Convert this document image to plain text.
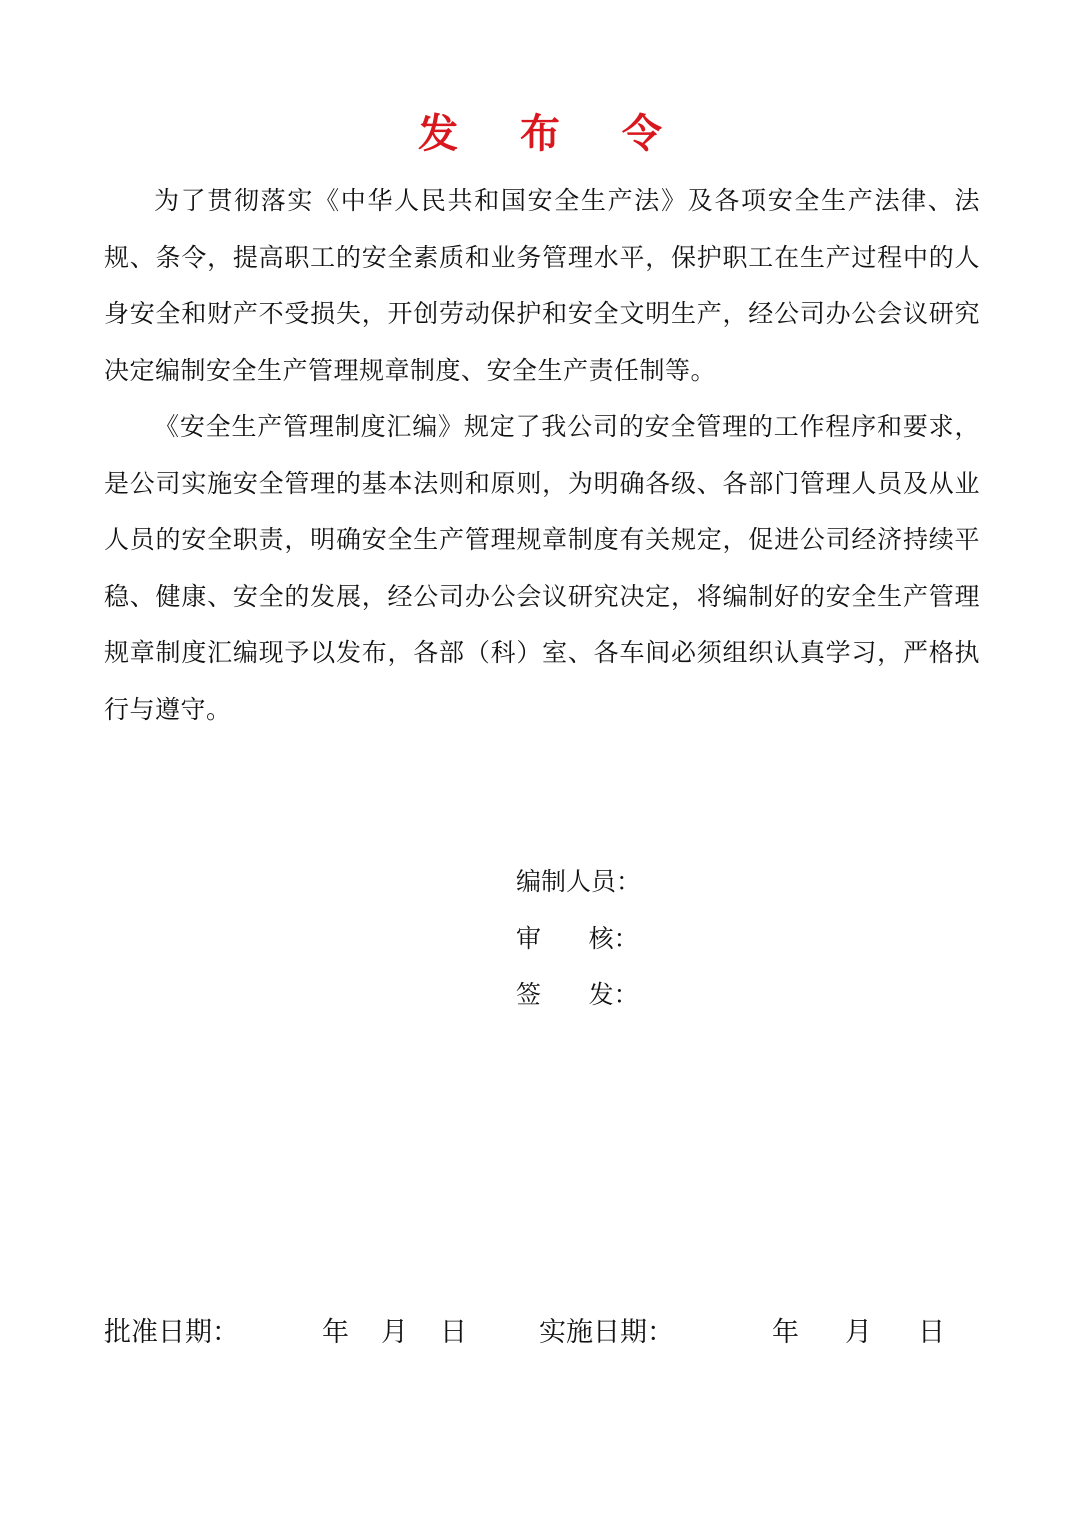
发 布 令

为了贯彻落实《中华人民共和国安全生产法》及各项安全生产法律、法规、条令，提高职工的安全素质和业务管理水平，保护职工在生产过程中的人身安全和财产不受损失，开创劳动保护和安全文明生产，经公司办公会议研究决定编制安全生产管理规章制度、安全生产责任制等。

《安全生产管理制度汇编》规定了我公司的安全管理的工作程序和要求，是公司实施安全管理的基本法则和原则，为明确各级、各部门管理人员及从业人员的安全职责，明确安全生产管理规章制度有关规定，促进公司经济持续平稳、健康、安全的发展，经公司办公会议研究决定，将编制好的安全生产管理规章制度汇编现予以发布，各部（科）室、各车间必须组织认真学习，严格执行与遵守。

编制人员：
审      核：
签      发：
批准日期：	年 月 日	实施日期：	年 月 日
